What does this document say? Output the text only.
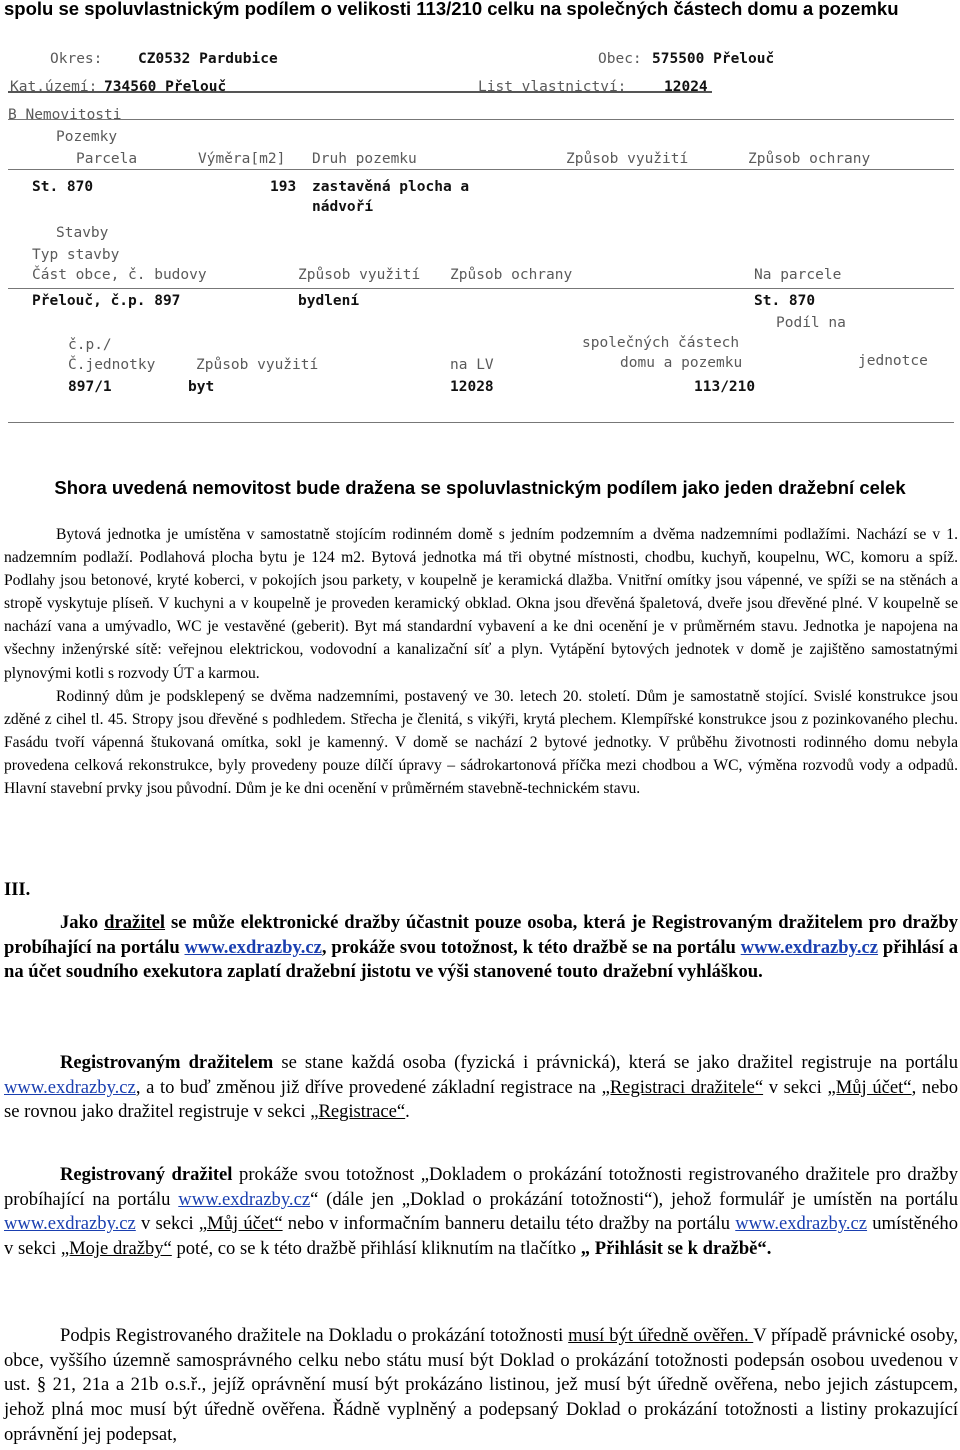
spolu se spoluvlastnickým podílem o velikosti 113/210 celku na společných částech domu a pozemku
Okres: CZ0532 Pardubice	Obec: 575500 Přelouč
Kat.území: 734560 Přelouč	List vlastnictví:	12024
B Nemovitosti
Pozemky
Parcela	Výměra[m2] Druh pozemku	Způsob využití	Způsob ochrany
St. 870	193 zastavěná plocha a
nádvoří
Stavby
Typ stavby
Část obce, č. budovy	Způsob využití Způsob ochrany	Na parcele
Přelouč, č.p. 897	bydlení	St. 870
Podíl na
č.p./	společných částech
Č.jednotky	Způsob využití	na LV	domu a pozemku	jednotce
897/1	byt	12028	113/210
Shora uvedená nemovitost bude dražena se spoluvlastnickým podílem jako jeden dražební celek

Bytová jednotka je umístěna v samostatně stojícím rodinném domě s jedním podzemním a dvěma nadzemními podlažími. Nachází se v 1. nadzemním podlaží. Podlahová plocha bytu je 124 m2. Bytová jednotka má tři obytné místnosti, chodbu, kuchyň, koupelnu, WC, komoru a spíž. Podlahy jsou betonové, kryté koberci, v pokojích jsou parkety, v koupelně je keramická dlažba. Vnitřní omítky jsou vápenné, ve spíži se na stěnách a stropě vyskytuje plíseň. V kuchyni a v koupelně je proveden keramický obklad. Okna jsou dřevěná špaletová, dveře jsou dřevěné plné. V koupelně se nachází vana a umývadlo, WC je vestavěné (geberit). Byt má standardní vybavení a ke dni ocenění je v průměrném stavu. Jednotka je napojena na všechny inženýrské sítě: veřejnou elektrickou, vodovodní a kanalizační síť a plyn. Vytápění bytových jednotek v domě je zajištěno samostatnými plynovými kotli s rozvody ÚT a karmou.

Rodinný dům je podsklepený se dvěma nadzemními, postavený ve 30. letech 20. století. Dům je samostatně stojící. Svislé konstrukce jsou zděné z cihel tl. 45. Stropy jsou dřevěné s podhledem. Střecha je členitá, s vikýři, krytá plechem. Klempířské konstrukce jsou z pozinkovaného plechu. Fasádu tvoří vápenná štukovaná omítka, sokl je kamenný. V domě se nachází 2 bytové jednotky. V průběhu životnosti rodinného domu nebyla provedena celková rekonstrukce, byly provedeny pouze dílčí úpravy – sádrokartonová příčka mezi chodbou a WC, výměna rozvodů vody a odpadů. Hlavní stavební prvky jsou původní. Dům je ke dni ocenění v průměrném stavebně-technickém stavu.

III.

Jako dražitel se může elektronické dražby účastnit pouze osoba, která je Registrovaným dražitelem pro dražby probíhající na portálu www.exdrazby.cz, prokáže svou totožnost, k této dražbě se na portálu www.exdrazby.cz přihlásí a na účet soudního exekutora zaplatí dražební jistotu ve výši stanovené touto dražební vyhláškou.

Registrovaným dražitelem se stane každá osoba (fyzická i právnická), která se jako dražitel registruje na portálu www.exdrazby.cz, a to buď změnou již dříve provedené základní registrace na „Registraci dražitele“ v sekci „Můj účet“, nebo se rovnou jako dražitel registruje v sekci „Registrace“.

Registrovaný dražitel prokáže svou totožnost „Dokladem o prokázání totožnosti registrovaného dražitele pro dražby probíhající na portálu www.exdrazby.cz“ (dále jen „Doklad o prokázání totožnosti“), jehož formulář je umístěn na portálu www.exdrazby.cz v sekci „Můj účet“ nebo v informačním banneru detailu této dražby na portálu www.exdrazby.cz umístěného v sekci „Moje dražby“ poté, co se k této dražbě přihlásí kliknutím na tlačítko „ Přihlásit se k dražbě“.

Podpis Registrovaného dražitele na Dokladu o prokázání totožnosti musí být úředně ověřen. V případě právnické osoby, obce, vyššího územně samosprávného celku nebo státu musí být Doklad o prokázání totožnosti podepsán osobou uvedenou v ust. § 21, 21a a 21b o.s.ř., jejíž oprávnění musí být prokázáno listinou, jež musí být úředně ověřena, nebo jejich zástupcem, jehož plná moc musí být úředně ověřena. Řádně vyplněný a podepsaný Doklad o prokázání totožnosti a listiny prokazující oprávnění jej podepsat,
